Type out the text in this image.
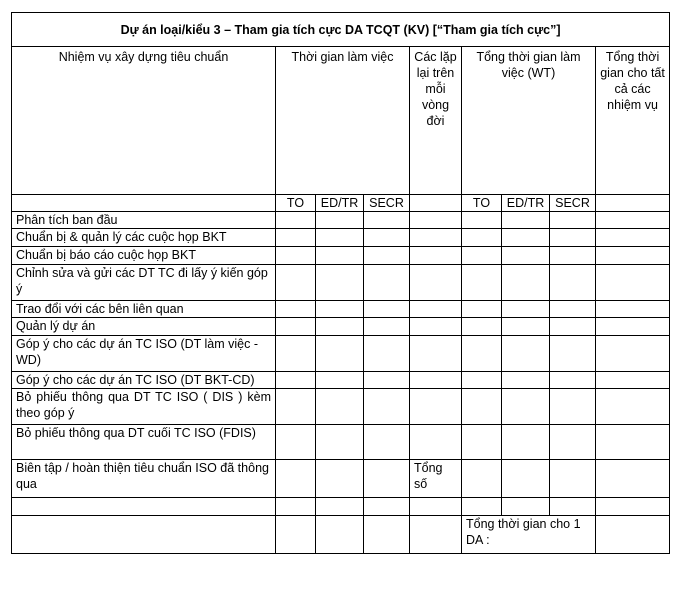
Dự án loại/kiểu 3 – Tham gia tích cực DA TCQT (KV) [“Tham gia tích cực”]								
Nhiệm vụ xây dựng tiêu chuẩn	Thời gian làm việc			Các lặp lại trên mỗi vòng đời	Tổng thời gian làm việc (WT)			Tổng thời gian cho tất cả các nhiệm vụ
	TO	ED/TR	SECR		TO	ED/TR	SECR	
Phân tích ban đầu								
Chuẩn bị & quản lý các cuộc họp BKT								
Chuẩn bị báo cáo cuộc họp BKT								
Chỉnh sửa và gửi các DT TC đi lấy ý kiến góp ý								
Trao đổi với các bên liên quan								
Quản lý dự án								
Góp ý cho các dự án TC ISO (DT làm việc -WD)								
Góp ý cho các dự án TC ISO (DT BKT-CD)								
Bỏ phiếu thông qua DT TC ISO ( DIS ) kèm theo góp ý								
Bỏ phiếu thông qua DT cuối TC ISO (FDIS)								
Biên tập / hoàn thiện tiêu chuẩn ISO đã thông qua				Tổng số				

					Tổng thời gian cho 1 DA :			
